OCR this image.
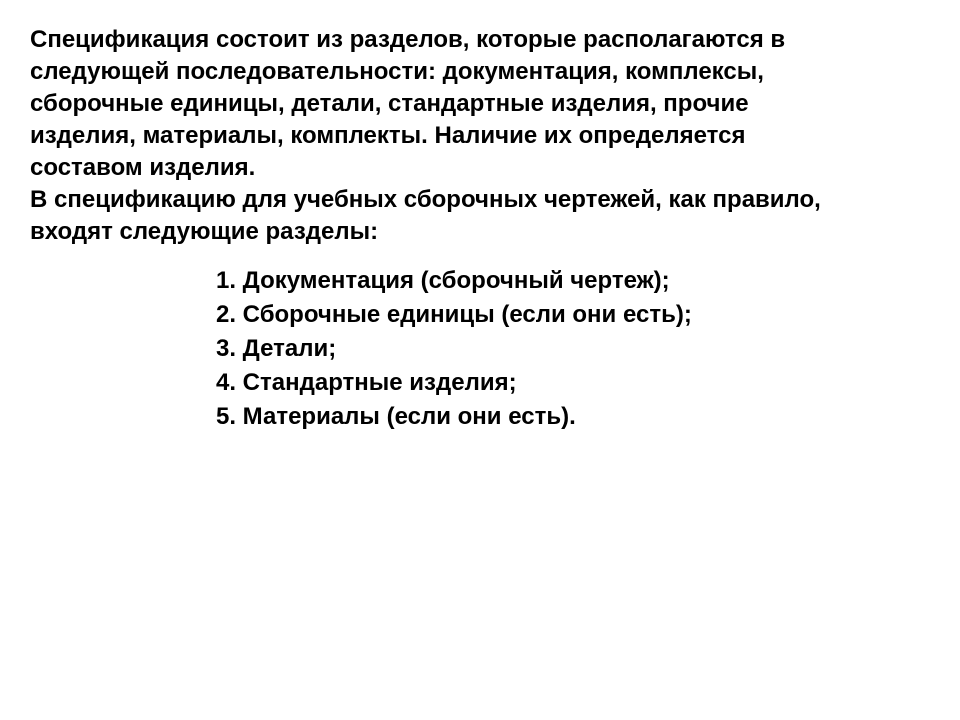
Спецификация состоит из разделов, которые располагаются в
следующей последовательности: документация, комплексы,
сборочные единицы, детали, стандартные изделия, прочие
изделия, материалы, комплекты. Наличие их определяется
составом изделия.
В спецификацию для учебных сборочных чертежей, как правило,
входят следующие разделы:
1. Документация (сборочный чертеж);
2. Сборочные единицы (если они есть);
3. Детали;
4. Стандартные изделия;
5. Материалы (если они есть).
